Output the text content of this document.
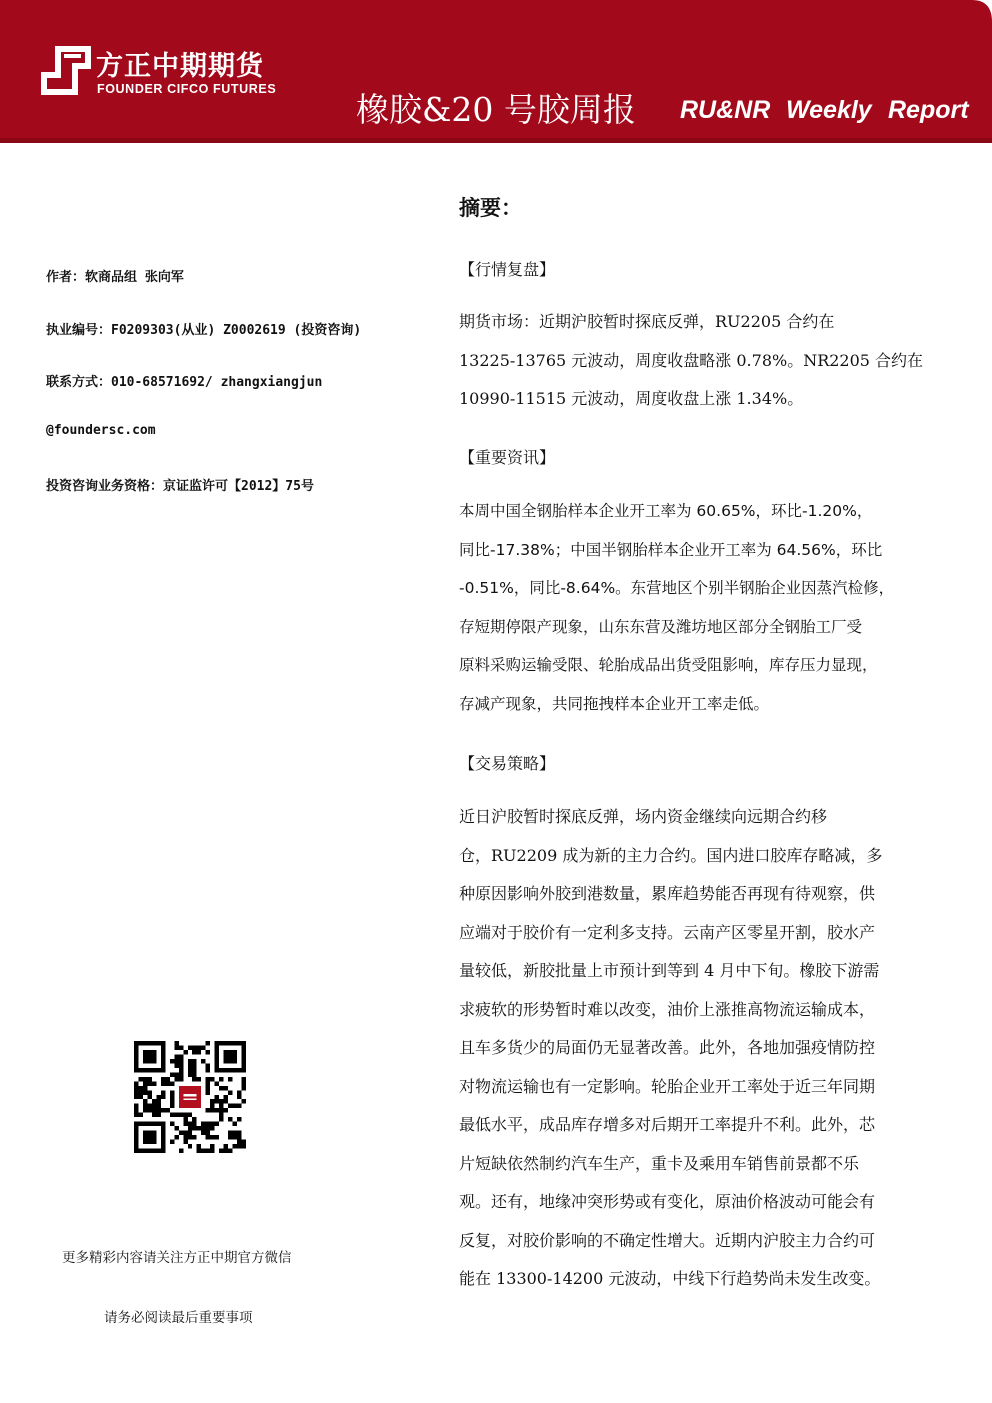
方正中期期货
FOUNDER CIFCO FUTURES
橡胶&20 号胶周报 RU&NR Weekly Report
作者：软商品组 张向军
执业编号：F0209303(从业) Z0002619 (投资咨询)
联系方式：010-68571692/ zhangxiangjun
@foundersc.com
投资咨询业务资格：京证监许可【2012】75号
更多精彩内容请关注方正中期官方微信
请务必阅读最后重要事项
摘要：
【行情复盘】
期货市场：近期沪胶暂时探底反弹，RU2205 合约在
13225-13765 元波动，周度收盘略涨 0.78%。NR2205 合约在
10990-11515 元波动，周度收盘上涨 1.34%。
【重要资讯】
本周中国全钢胎样本企业开工率为 60.65%，环比-1.20%，
同比-17.38%；中国半钢胎样本企业开工率为 64.56%，环比
-0.51%，同比-8.64%。东营地区个别半钢胎企业因蒸汽检修，
存短期停限产现象，山东东营及潍坊地区部分全钢胎工厂受
原料采购运输受限、轮胎成品出货受阻影响，库存压力显现，
存减产现象，共同拖拽样本企业开工率走低。
【交易策略】
近日沪胶暂时探底反弹，场内资金继续向远期合约移
仓，RU2209 成为新的主力合约。国内进口胶库存略减，多
种原因影响外胶到港数量，累库趋势能否再现有待观察，供
应端对于胶价有一定利多支持。云南产区零星开割，胶水产
量较低，新胶批量上市预计到等到 4 月中下旬。橡胶下游需
求疲软的形势暂时难以改变，油价上涨推高物流运输成本，
且车多货少的局面仍无显著改善。此外，各地加强疫情防控
对物流运输也有一定影响。轮胎企业开工率处于近三年同期
最低水平，成品库存增多对后期开工率提升不利。此外，芯
片短缺依然制约汽车生产，重卡及乘用车销售前景都不乐
观。还有，地缘冲突形势或有变化，原油价格波动可能会有
反复，对胶价影响的不确定性增大。近期内沪胶主力合约可
能在 13300-14200 元波动，中线下行趋势尚未发生改变。
